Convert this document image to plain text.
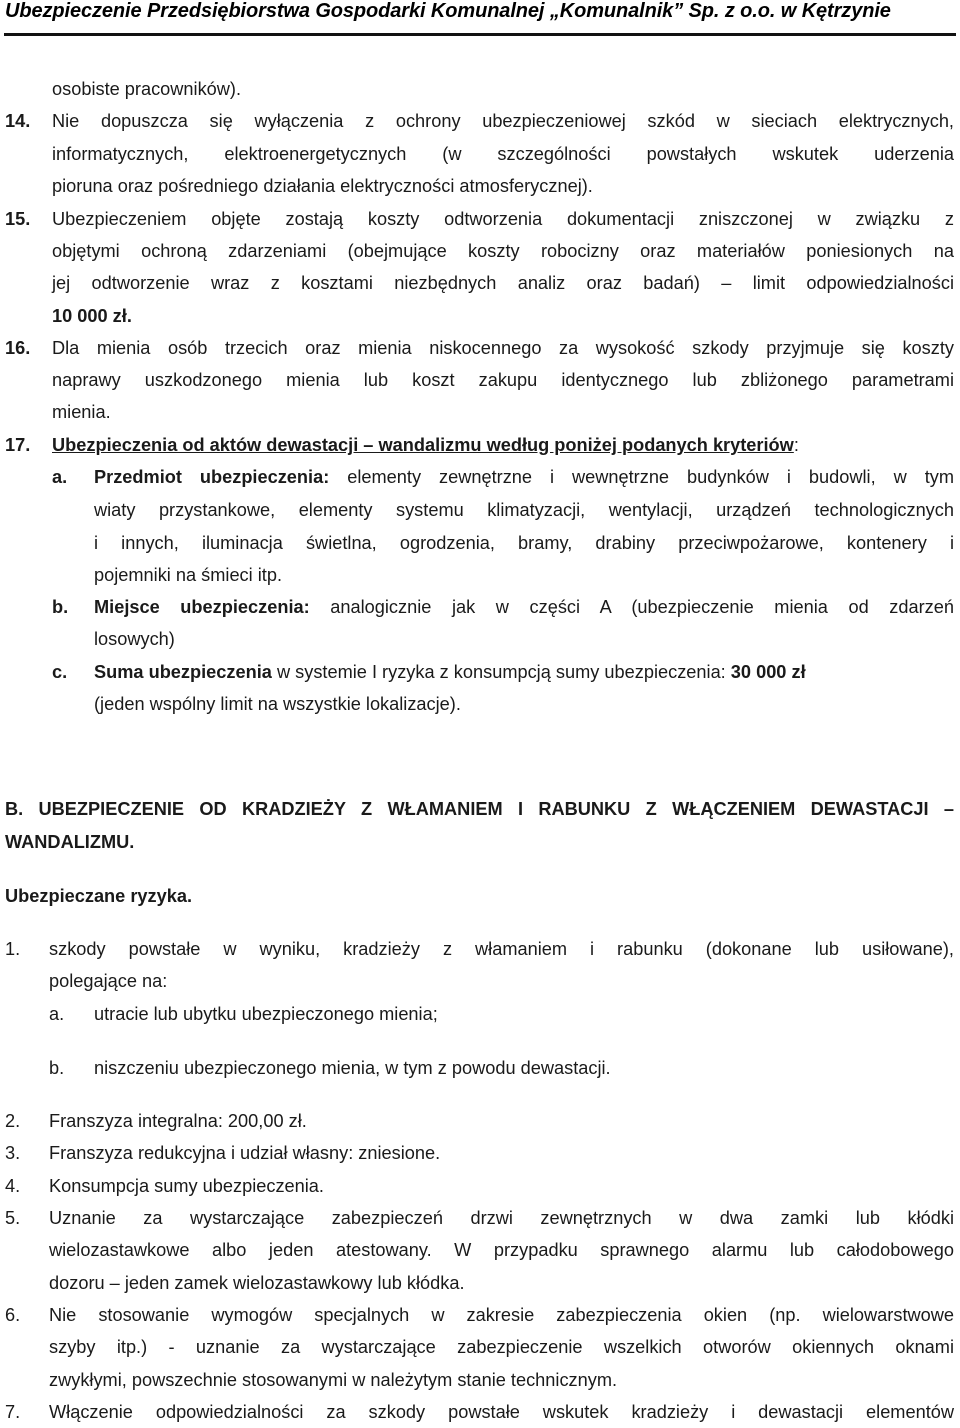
Ubezpieczenie Przedsiębiorstwa Gospodarki Komunalnej „Komunalnik” Sp. z o.o. w Kętrzynie
osobiste pracowników).
14. Nie dopuszcza się wyłączenia z ochrony ubezpieczeniowej szkód w sieciach elektrycznych,
informatycznych, elektroenergetycznych (w szczególności powstałych wskutek uderzenia
pioruna oraz pośredniego działania elektryczności atmosferycznej).
15. Ubezpieczeniem objęte zostają koszty odtworzenia dokumentacji zniszczonej w związku z
objętymi ochroną zdarzeniami (obejmujące koszty robocizny oraz materiałów poniesionych na
jej odtworzenie wraz z kosztami niezbędnych analiz oraz badań) – limit odpowiedzialności
10 000 zł.
16. Dla mienia osób trzecich oraz mienia niskocennego za wysokość szkody przyjmuje się koszty
naprawy uszkodzonego mienia lub koszt zakupu identycznego lub zbliżonego parametrami
mienia.
17. Ubezpieczenia od aktów dewastacji – wandalizmu według poniżej podanych kryteriów:
a. Przedmiot ubezpieczenia: elementy zewnętrzne i wewnętrzne budynków i budowli, w tym
wiaty przystankowe, elementy systemu klimatyzacji, wentylacji, urządzeń technologicznych
i innych, iluminacja świetlna, ogrodzenia, bramy, drabiny przeciwpożarowe, kontenery i
pojemniki na śmieci itp.
b. Miejsce ubezpieczenia: analogicznie jak w części A (ubezpieczenie mienia od zdarzeń
losowych)
c. Suma ubezpieczenia w systemie I ryzyka z konsumpcją sumy ubezpieczenia: 30 000 zł
(jeden wspólny limit na wszystkie lokalizacje).
B. UBEZPIECZENIE OD KRADZIEŻY Z WŁAMANIEM I RABUNKU Z WŁĄCZENIEM DEWASTACJI –
WANDALIZMU.
Ubezpieczane ryzyka.
1. szkody powstałe w wyniku, kradzieży z włamaniem i rabunku (dokonane lub usiłowane),
polegające na:
a. utracie lub ubytku ubezpieczonego mienia;
b. niszczeniu ubezpieczonego mienia, w tym z powodu dewastacji.
2. Franszyza integralna: 200,00 zł.
3. Franszyza redukcyjna i udział własny: zniesione.
4. Konsumpcja sumy ubezpieczenia.
5. Uznanie za wystarczające zabezpieczeń drzwi zewnętrznych w dwa zamki lub kłódki
wielozastawkowe albo jeden atestowany. W przypadku sprawnego alarmu lub całodobowego
dozoru – jeden zamek wielozastawkowy lub kłódka.
6. Nie stosowanie wymogów specjalnych w zakresie zabezpieczenia okien (np. wielowarstwowe
szyby itp.) - uznanie za wystarczające zabezpieczenie wszelkich otworów okiennych oknami
zwykłymi, powszechnie stosowanymi w należytym stanie technicznym.
7. Włączenie odpowiedzialności za szkody powstałe wskutek kradzieży i dewastacji elementów
